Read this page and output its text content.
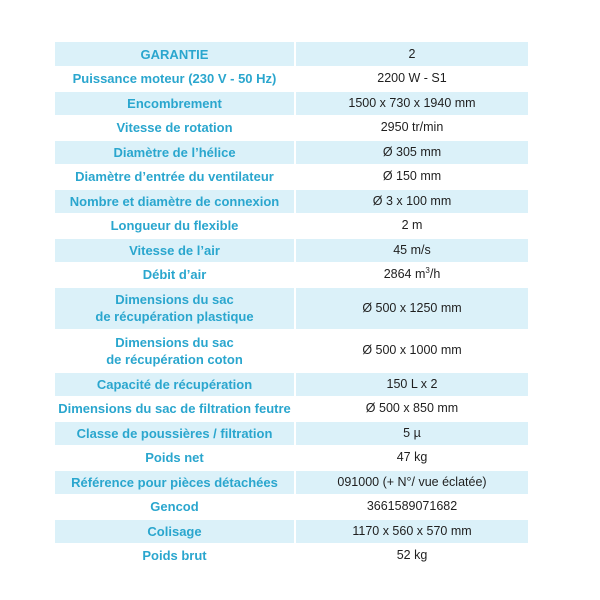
GARANTIE	2
Puissance moteur (230 V - 50 Hz)	2200 W - S1
Encombrement	1500 x 730 x 1940 mm
Vitesse de rotation	2950 tr/min
Diamètre de l’hélice	Ø 305 mm
Diamètre d’entrée du ventilateur	Ø 150 mm
Nombre et diamètre de connexion	Ø 3 x 100 mm
Longueur du flexible	2 m
Vitesse de l’air	45 m/s
Débit d’air	2864 $m^3/h$
Dimensions du sac
de récupération plastique	Ø 500 x 1250 mm
Dimensions du sac
de récupération coton	Ø 500 x 1000 mm
Capacité de récupération	150 L x 2
Dimensions du sac de filtration feutre	Ø 500 x 850 mm
Classe de poussières / filtration	5 µ
Poids net	47 kg
Référence pour pièces détachées	091000 (+ N°/ vue éclatée)
Gencod	3661589071682
Colisage	1170 x 560 x 570 mm
Poids brut	52 kg
